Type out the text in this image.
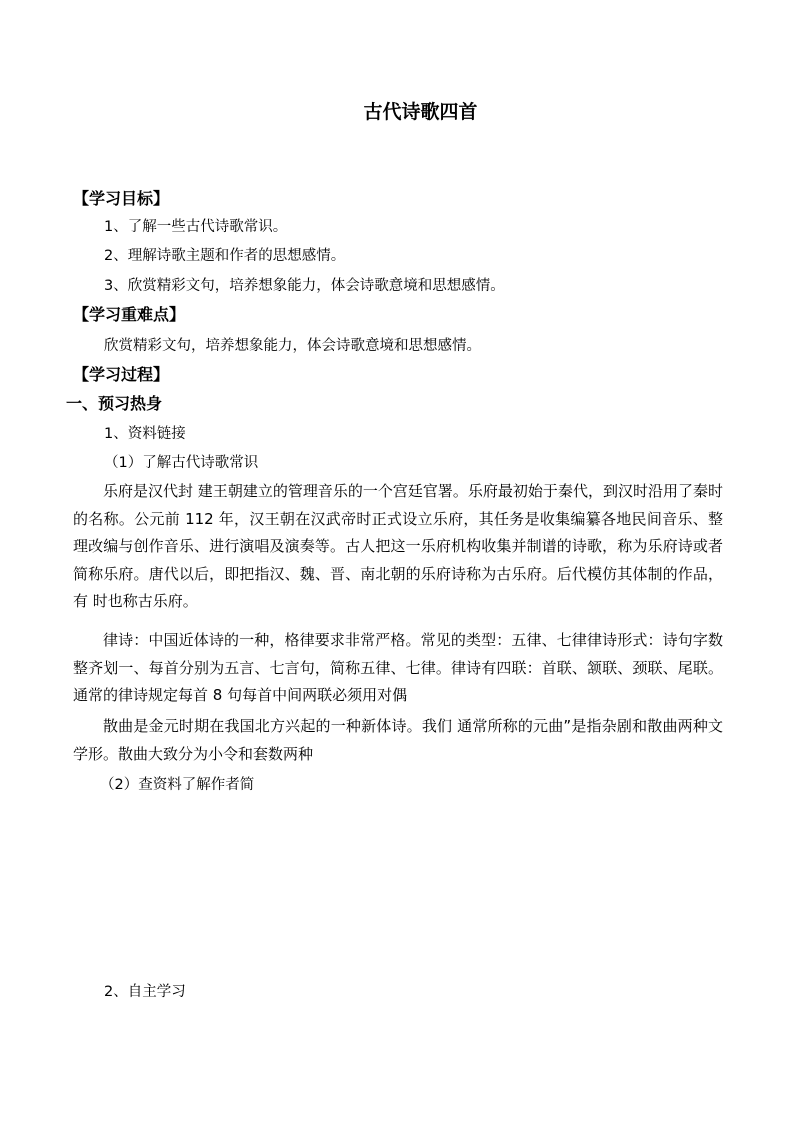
古代诗歌四首
【学习目标】
1、了解一些古代诗歌常识。
2、理解诗歌主题和作者的思想感情。
3、欣赏精彩文句，培养想象能力，体会诗歌意境和思想感情。
【学习重难点】
欣赏精彩文句，培养想象能力，体会诗歌意境和思想感情。
【学习过程】
一、预习热身
1、资料链接
（1）了解古代诗歌常识
乐府是汉代封 建王朝建立的管理音乐的一个宫廷官署。乐府最初始于秦代，到汉时沿用了秦时的名称。公元前 112 年，汉王朝在汉武帝时正式设立乐府，其任务是收集编纂各地民间音乐、整理改编与创作音乐、进行演唱及演奏等。古人把这一乐府机构收集并制谱的诗歌，称为乐府诗或者简称乐府。唐代以后，即把指汉、魏、晋、南北朝的乐府诗称为古乐府。后代模仿其体制的作品，有 时也称古乐府。
律诗：中国近体诗的一种，格律要求非常严格。常见的类型：五律、七律律诗形式：诗句字数整齐划一、每首分别为五言、七言句，简称五律、七律。律诗有四联：首联、颔联、颈联、尾联。通常的律诗规定每首 8 句每首中间两联必须用对偶
散曲是金元时期在我国北方兴起的一种新体诗。我们 通常所称的元曲”是指杂剧和散曲两种文学形。散曲大致分为小令和套数两种
（2）查资料了解作者简
2、自主学习
